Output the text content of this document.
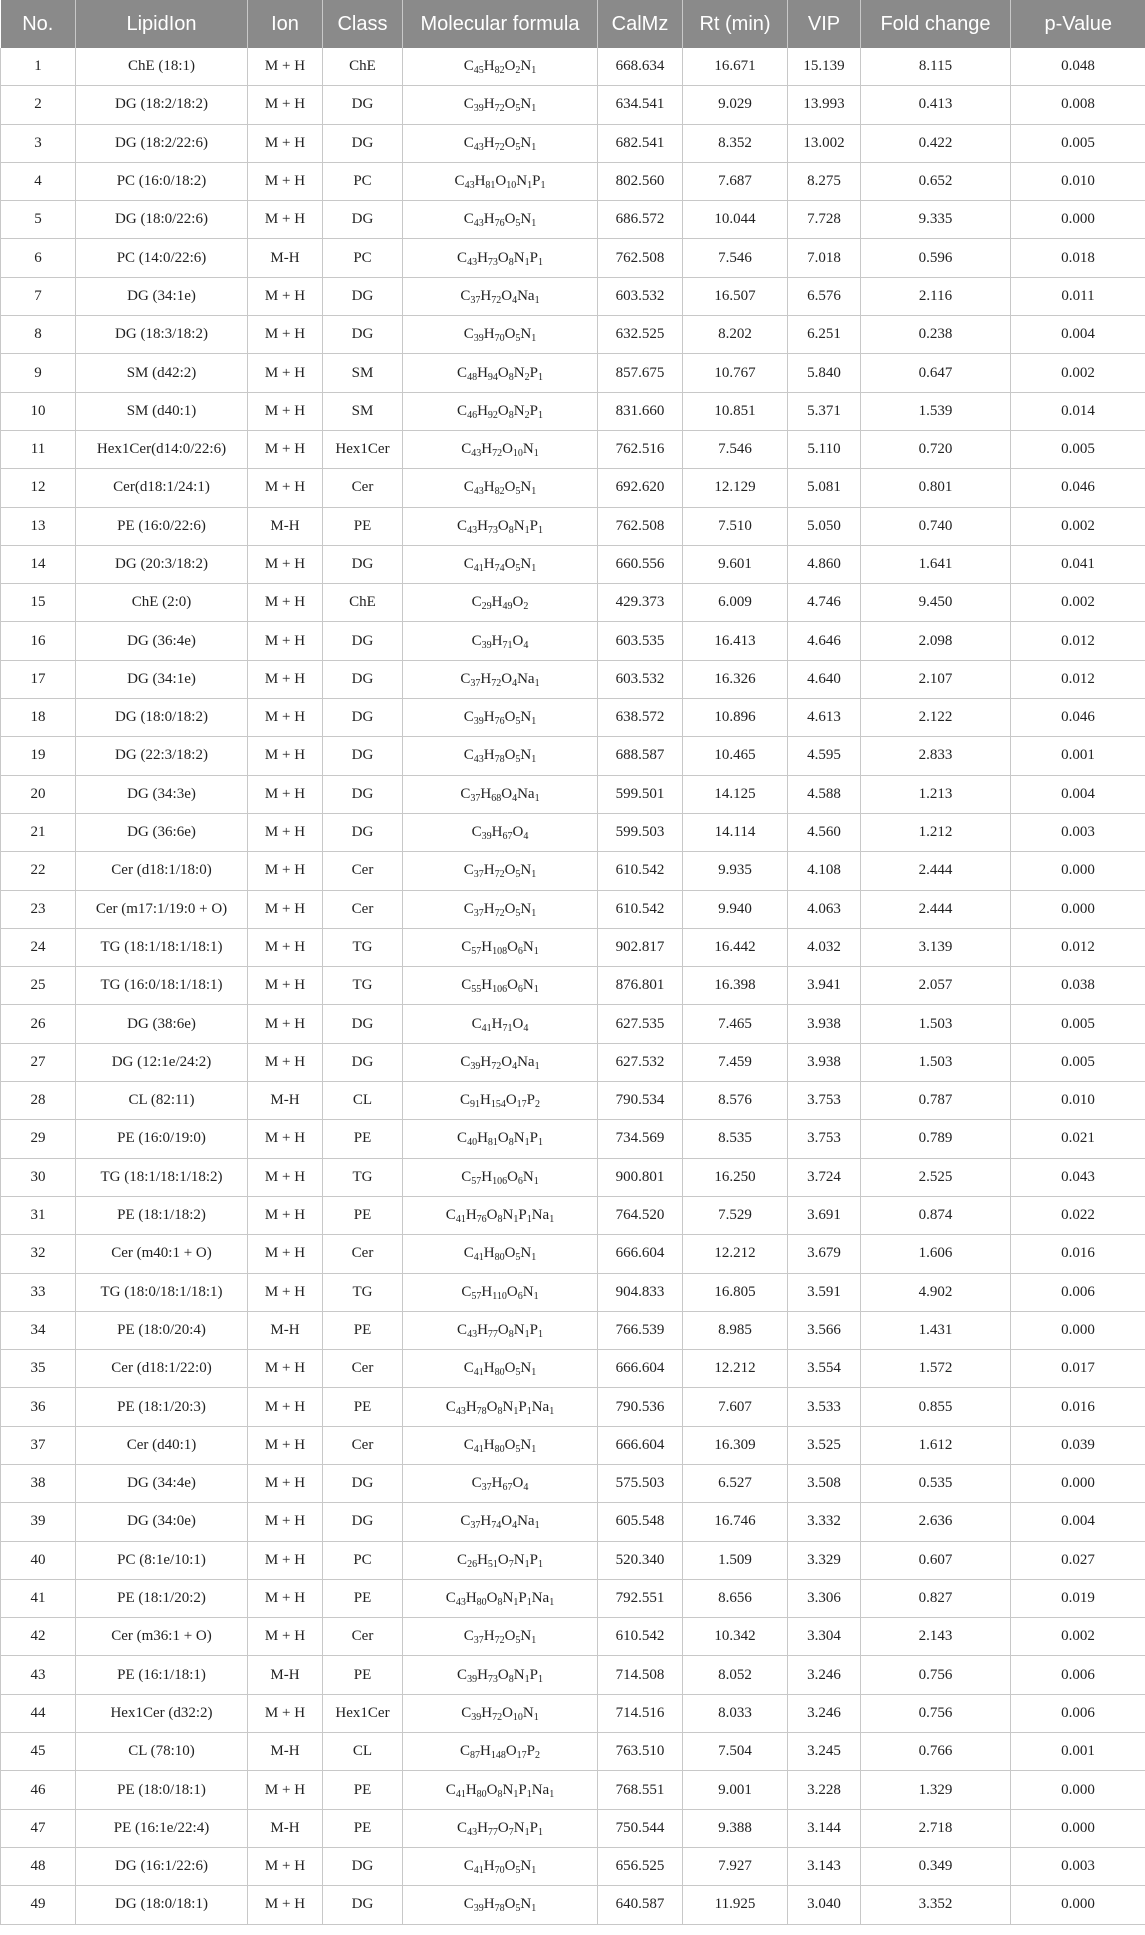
No.	LipidIon	Ion	Class	Molecular formula	CalMz	Rt (min)	VIP	Fold change	p-Value
1	ChE (18:1)	M + H	ChE	$C_{45}H_{82}O_2N_1$	668.634	16.671	15.139	8.115	0.048
2	DG (18:2/18:2)	M + H	DG	$C_{39}H_{72}O_5N_1$	634.541	9.029	13.993	0.413	0.008
3	DG (18:2/22:6)	M + H	DG	$C_{43}H_{72}O_5N_1$	682.541	8.352	13.002	0.422	0.005
4	PC (16:0/18:2)	M + H	PC	$C_{43}H_{81}O_{10}N_1P_1$	802.560	7.687	8.275	0.652	0.010
5	DG (18:0/22:6)	M + H	DG	$C_{43}H_{76}O_5N_1$	686.572	10.044	7.728	9.335	0.000
6	PC (14:0/22:6)	M-H	PC	$C_{43}H_{73}O_8N_1P_1$	762.508	7.546	7.018	0.596	0.018
7	DG (34:1e)	M + H	DG	$C_{37}H_{72}O_4Na_1$	603.532	16.507	6.576	2.116	0.011
8	DG (18:3/18:2)	M + H	DG	$C_{39}H_{70}O_5N_1$	632.525	8.202	6.251	0.238	0.004
9	SM (d42:2)	M + H	SM	$C_{48}H_{94}O_8N_2P_1$	857.675	10.767	5.840	0.647	0.002
10	SM (d40:1)	M + H	SM	$C_{46}H_{92}O_8N_2P_1$	831.660	10.851	5.371	1.539	0.014
11	Hex1Cer(d14:0/22:6)	M + H	Hex1Cer	$C_{43}H_{72}O_{10}N_1$	762.516	7.546	5.110	0.720	0.005
12	Cer(d18:1/24:1)	M + H	Cer	$C_{43}H_{82}O_5N_1$	692.620	12.129	5.081	0.801	0.046
13	PE (16:0/22:6)	M-H	PE	$C_{43}H_{73}O_8N_1P_1$	762.508	7.510	5.050	0.740	0.002
14	DG (20:3/18:2)	M + H	DG	$C_{41}H_{74}O_5N_1$	660.556	9.601	4.860	1.641	0.041
15	ChE (2:0)	M + H	ChE	$C_{29}H_{49}O_2$	429.373	6.009	4.746	9.450	0.002
16	DG (36:4e)	M + H	DG	$C_{39}H_{71}O_4$	603.535	16.413	4.646	2.098	0.012
17	DG (34:1e)	M + H	DG	$C_{37}H_{72}O_4Na_1$	603.532	16.326	4.640	2.107	0.012
18	DG (18:0/18:2)	M + H	DG	$C_{39}H_{76}O_5N_1$	638.572	10.896	4.613	2.122	0.046
19	DG (22:3/18:2)	M + H	DG	$C_{43}H_{78}O_5N_1$	688.587	10.465	4.595	2.833	0.001
20	DG (34:3e)	M + H	DG	$C_{37}H_{68}O_4Na_1$	599.501	14.125	4.588	1.213	0.004
21	DG (36:6e)	M + H	DG	$C_{39}H_{67}O_4$	599.503	14.114	4.560	1.212	0.003
22	Cer (d18:1/18:0)	M + H	Cer	$C_{37}H_{72}O_5N_1$	610.542	9.935	4.108	2.444	0.000
23	Cer (m17:1/19:0 + O)	M + H	Cer	$C_{37}H_{72}O_5N_1$	610.542	9.940	4.063	2.444	0.000
24	TG (18:1/18:1/18:1)	M + H	TG	$C_{57}H_{108}O_6N_1$	902.817	16.442	4.032	3.139	0.012
25	TG (16:0/18:1/18:1)	M + H	TG	$C_{55}H_{106}O_6N_1$	876.801	16.398	3.941	2.057	0.038
26	DG (38:6e)	M + H	DG	$C_{41}H_{71}O_4$	627.535	7.465	3.938	1.503	0.005
27	DG (12:1e/24:2)	M + H	DG	$C_{39}H_{72}O_4Na_1$	627.532	7.459	3.938	1.503	0.005
28	CL (82:11)	M-H	CL	$C_{91}H_{154}O_{17}P_2$	790.534	8.576	3.753	0.787	0.010
29	PE (16:0/19:0)	M + H	PE	$C_{40}H_{81}O_8N_1P_1$	734.569	8.535	3.753	0.789	0.021
30	TG (18:1/18:1/18:2)	M + H	TG	$C_{57}H_{106}O_6N_1$	900.801	16.250	3.724	2.525	0.043
31	PE (18:1/18:2)	M + H	PE	$C_{41}H_{76}O_8N_1P_1Na_1$	764.520	7.529	3.691	0.874	0.022
32	Cer (m40:1 + O)	M + H	Cer	$C_{41}H_{80}O_5N_1$	666.604	12.212	3.679	1.606	0.016
33	TG (18:0/18:1/18:1)	M + H	TG	$C_{57}H_{110}O_6N_1$	904.833	16.805	3.591	4.902	0.006
34	PE (18:0/20:4)	M-H	PE	$C_{43}H_{77}O_8N_1P_1$	766.539	8.985	3.566	1.431	0.000
35	Cer (d18:1/22:0)	M + H	Cer	$C_{41}H_{80}O_5N_1$	666.604	12.212	3.554	1.572	0.017
36	PE (18:1/20:3)	M + H	PE	$C_{43}H_{78}O_8N_1P_1Na_1$	790.536	7.607	3.533	0.855	0.016
37	Cer (d40:1)	M + H	Cer	$C_{41}H_{80}O_5N_1$	666.604	16.309	3.525	1.612	0.039
38	DG (34:4e)	M + H	DG	$C_{37}H_{67}O_4$	575.503	6.527	3.508	0.535	0.000
39	DG (34:0e)	M + H	DG	$C_{37}H_{74}O_4Na_1$	605.548	16.746	3.332	2.636	0.004
40	PC (8:1e/10:1)	M + H	PC	$C_{26}H_{51}O_7N_1P_1$	520.340	1.509	3.329	0.607	0.027
41	PE (18:1/20:2)	M + H	PE	$C_{43}H_{80}O_8N_1P_1Na_1$	792.551	8.656	3.306	0.827	0.019
42	Cer (m36:1 + O)	M + H	Cer	$C_{37}H_{72}O_5N_1$	610.542	10.342	3.304	2.143	0.002
43	PE (16:1/18:1)	M-H	PE	$C_{39}H_{73}O_8N_1P_1$	714.508	8.052	3.246	0.756	0.006
44	Hex1Cer (d32:2)	M + H	Hex1Cer	$C_{39}H_{72}O_{10}N_1$	714.516	8.033	3.246	0.756	0.006
45	CL (78:10)	M-H	CL	$C_{87}H_{148}O_{17}P_2$	763.510	7.504	3.245	0.766	0.001
46	PE (18:0/18:1)	M + H	PE	$C_{41}H_{80}O_8N_1P_1Na_1$	768.551	9.001	3.228	1.329	0.000
47	PE (16:1e/22:4)	M-H	PE	$C_{43}H_{77}O_7N_1P_1$	750.544	9.388	3.144	2.718	0.000
48	DG (16:1/22:6)	M + H	DG	$C_{41}H_{70}O_5N_1$	656.525	7.927	3.143	0.349	0.003
49	DG (18:0/18:1)	M + H	DG	$C_{39}H_{78}O_5N_1$	640.587	11.925	3.040	3.352	0.000
